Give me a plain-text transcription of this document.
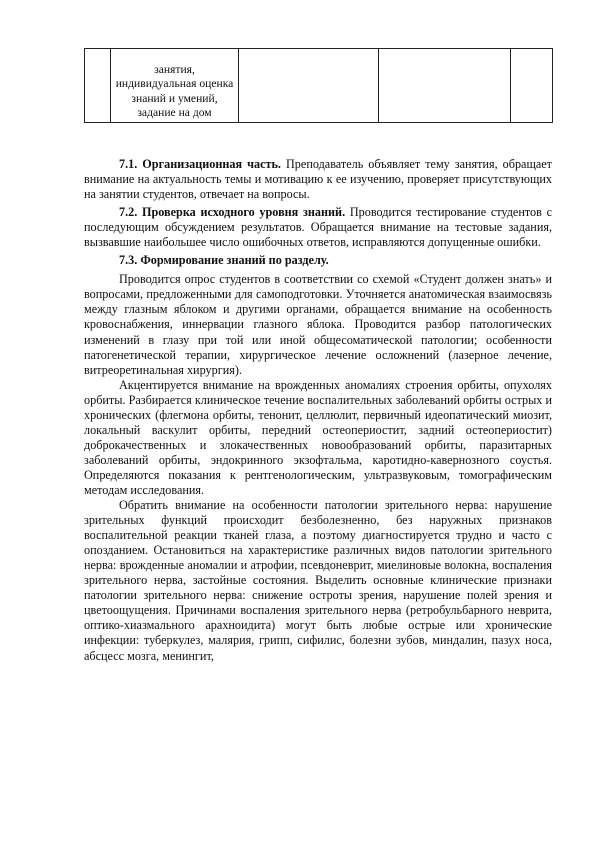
занятия, индивидуальная оценка знаний и умений, задание на дом

7.1. Организационная часть. Преподаватель объявляет тему занятия, обращает внимание на актуальность темы и мотивацию к ее изучению, проверяет присутствующих на занятии студентов, отвечает на вопросы.

7.2. Проверка исходного уровня знаний. Проводится тестирование студентов с последующим обсуждением результатов. Обращается внимание на тестовые задания, вызвавшие наибольшее число ошибочных ответов, исправляются допущенные ошибки.

7.3. Формирование знаний по разделу.

Проводится опрос студентов в соответствии со схемой «Студент должен знать» и вопросами, предложенными для самоподготовки. Уточняется анатомическая взаимосвязь между глазным яблоком и другими органами, обращается внимание на особенность кровоснабжения, иннервации глазного яблока. Проводится разбор патологических изменений в глазу при той или иной общесоматической патологии; особенности патогенетической терапии, хирургическое лечение осложнений (лазерное лечение, витреоретинальная хирургия).

Акцентируется внимание на врожденных аномалиях строения орбиты, опухолях орбиты. Разбирается клиническое течение воспалительных заболеваний орбиты острых и хронических (флегмона орбиты, тенонит, целлюлит, первичный идеопатический миозит, локальный васкулит орбиты, передний остеопериостит, задний остеопериостит) доброкачественных и злокачественных новообразований орбиты, паразитарных заболеваний орбиты, эндокринного экзофтальма, каротидно-кавернозного соустья. Определяются показания к рентгенологическим, ультразвуковым, томографическим методам исследования.

Обратить внимание на особенности патологии зрительного нерва: нарушение зрительных функций происходит безболезненно, без наружных признаков воспалительной реакции тканей глаза, а поэтому диагностируется трудно и часто с опозданием. Остановиться на характеристике различных видов патологии зрительного нерва: врожденные аномалии и атрофии, псевдоневрит, миелиновые волокна, воспаления зрительного нерва, застойные состояния. Выделить основные клинические признаки патологии зрительного нерва: снижение остроты зрения, нарушение полей зрения и цветоощущения. Причинами воспаления зрительного нерва (ретробульбарного неврита, оптико-хиазмального арахноидита) могут быть любые острые или хронические инфекции: туберкулез, малярия, грипп, сифилис, болезни зубов, миндалин, пазух носа, абсцесс мозга, менингит,
